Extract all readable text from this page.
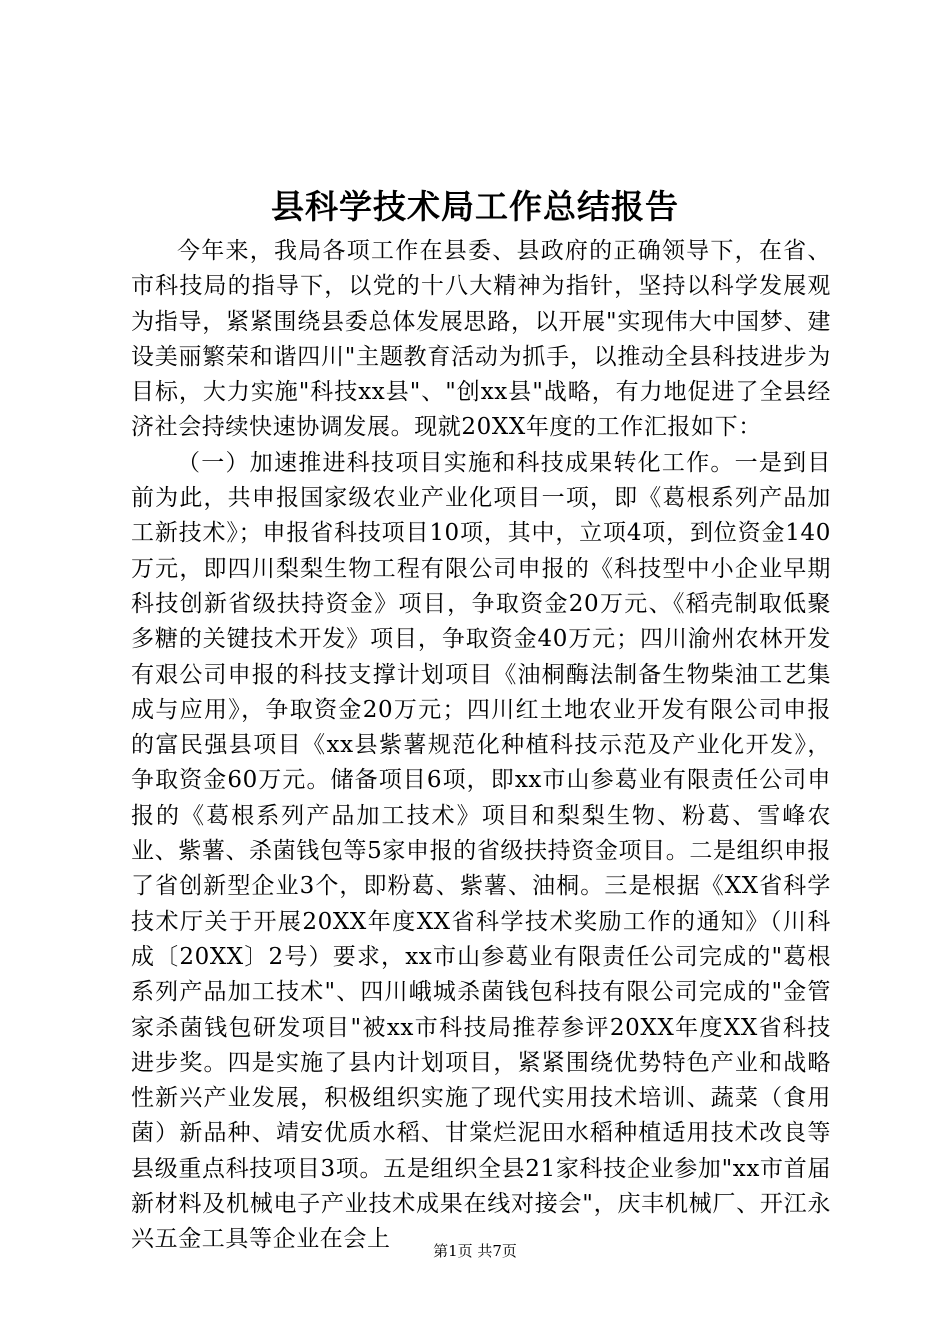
县科学技术局工作总结报告

今年来，我局各项工作在县委、县政府的正确领导下，在省、市科技局的指导下，以党的十八大精神为指针，坚持以科学发展观为指导，紧紧围绕县委总体发展思路，以开展"实现伟大中国梦、建设美丽繁荣和谐四川"主题教育活动为抓手，以推动全县科技进步为目标，大力实施"科技xx县"、"创xx县"战略，有力地促进了全县经济社会持续快速协调发展。现就20XX年度的工作汇报如下：

（一）加速推进科技项目实施和科技成果转化工作。一是到目前为此，共申报国家级农业产业化项目一项，即《葛根系列产品加工新技术》；申报省科技项目10项，其中，立项4项，到位资金140万元，即四川梨梨生物工程有限公司申报的《科技型中小企业早期科技创新省级扶持资金》项目，争取资金20万元、《稻壳制取低聚多糖的关键技术开发》项目，争取资金40万元；四川渝州农林开发有艰公司申报的科技支撑计划项目《油桐酶法制备生物柴油工艺集成与应用》，争取资金20万元；四川红土地农业开发有限公司申报的富民强县项目《xx县紫薯规范化种植科技示范及产业化开发》，争取资金60万元。储备项目6项，即xx市山参葛业有限责任公司申报的《葛根系列产品加工技术》项目和梨梨生物、粉葛、雪峰农业、紫薯、杀菌钱包等5家申报的省级扶持资金项目。二是组织申报了省创新型企业3个，即粉葛、紫薯、油桐。三是根据《XX省科学技术厅关于开展20XX年度XX省科学技术奖励工作的通知》（川科成〔20XX〕2号）要求，xx市山参葛业有限责任公司完成的"葛根系列产品加工技术"、四川峨城杀菌钱包科技有限公司完成的"金管家杀菌钱包研发项目"被xx市科技局推荐参评20XX年度XX省科技进步奖。四是实施了县内计划项目，紧紧围绕优势特色产业和战略性新兴产业发展，积极组织实施了现代实用技术培训、蔬菜（食用菌）新品种、靖安优质水稻、甘棠烂泥田水稻种植适用技术改良等县级重点科技项目3项。五是组织全县21家科技企业参加"xx市首届新材料及机械电子产业技术成果在线对接会"，庆丰机械厂、开江永兴五金工具等企业在会上	第1页 共7页
